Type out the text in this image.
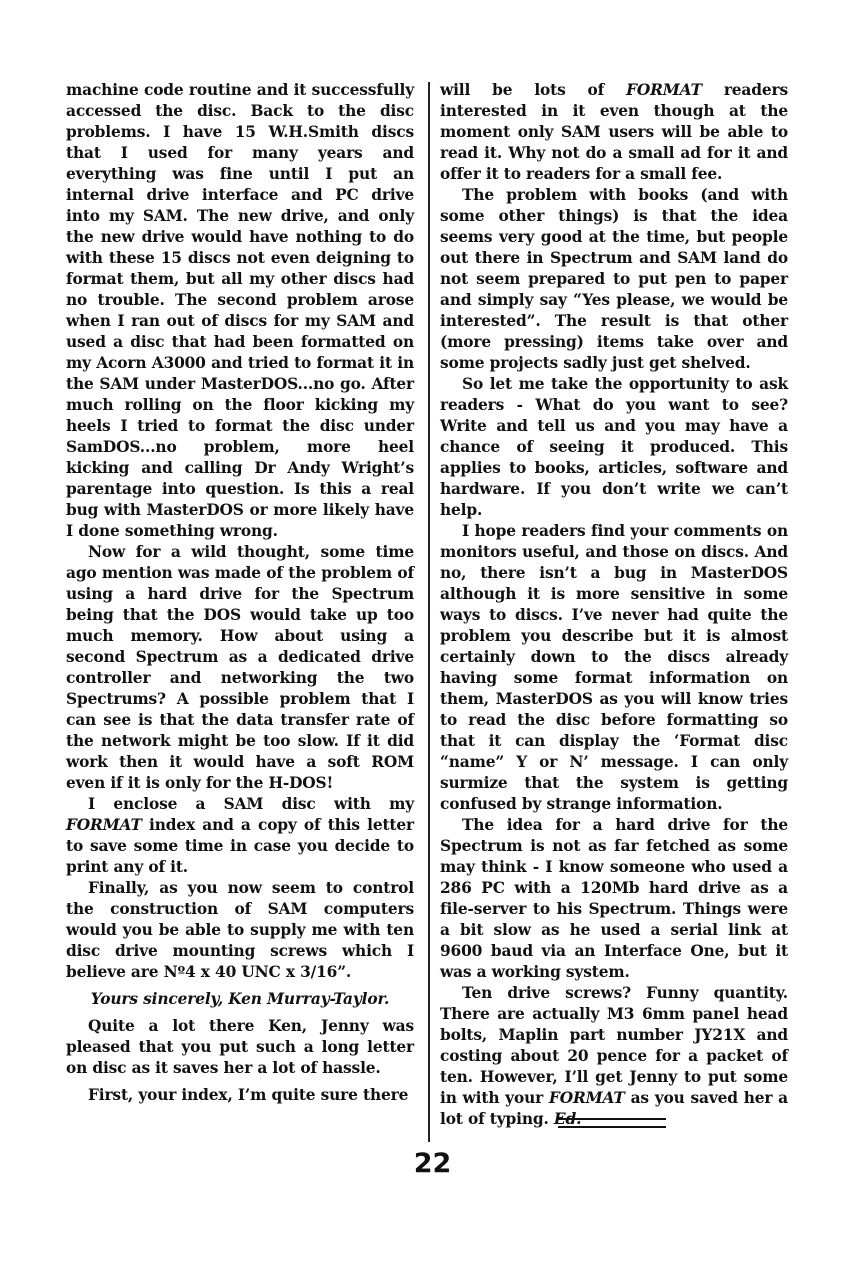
machine code routine and it successfully accessed the disc. Back to the disc problems. I have 15 W.H.Smith discs that I used for many years and everything was fine until I put an internal drive interface and PC drive into my SAM. The new drive, and only the new drive would have nothing to do with these 15 discs not even deigning to format them, but all my other discs had no trouble. The second problem arose when I ran out of discs for my SAM and used a disc that had been formatted on my Acorn A3000 and tried to format it in the SAM under MasterDOS...no go. After much rolling on the floor kicking my heels I tried to format the disc under SamDOS...no problem, more heel kicking and calling Dr Andy Wright’s parentage into question. Is this a real bug with MasterDOS or more likely have I done something wrong.

Now for a wild thought, some time ago mention was made of the problem of using a hard drive for the Spectrum being that the DOS would take up too much memory. How about using a second Spectrum as a dedicated drive controller and networking the two Spectrums? A possible problem that I can see is that the data transfer rate of the network might be too slow. If it did work then it would have a soft ROM even if it is only for the H-DOS!

I enclose a SAM disc with my FORMAT index and a copy of this letter to save some time in case you decide to print any of it.

Finally, as you now seem to control the construction of SAM computers would you be able to supply me with ten disc drive mounting screws which I believe are Nº4 x 40 UNC x 3/16”.

Yours sincerely, Ken Murray-Taylor.

Quite a lot there Ken, Jenny was pleased that you put such a long letter on disc as it saves her a lot of hassle.

First, your index, I’m quite sure there

will be lots of FORMAT readers interested in it even though at the moment only SAM users will be able to read it. Why not do a small ad for it and offer it to readers for a small fee.

The problem with books (and with some other things) is that the idea seems very good at the time, but people out there in Spectrum and SAM land do not seem prepared to put pen to paper and simply say “Yes please, we would be interested”. The result is that other (more pressing) items take over and some projects sadly just get shelved.

So let me take the opportunity to ask readers - What do you want to see? Write and tell us and you may have a chance of seeing it produced. This applies to books, articles, software and hardware. If you don’t write we can’t help.

I hope readers find your comments on monitors useful, and those on discs. And no, there isn’t a bug in MasterDOS although it is more sensitive in some ways to discs. I’ve never had quite the problem you describe but it is almost certainly down to the discs already having some format information on them, MasterDOS as you will know tries to read the disc before formatting so that it can display the ‘Format disc “name” Y or N’ message. I can only surmize that the system is getting confused by strange information.

The idea for a hard drive for the Spectrum is not as far fetched as some may think - I know someone who used a 286 PC with a 120Mb hard drive as a file-server to his Spectrum. Things were a bit slow as he used a serial link at 9600 baud via an Interface One, but it was a working system.

Ten drive screws? Funny quantity. There are actually M3 6mm panel head bolts, Maplin part number JY21X and costing about 20 pence for a packet of ten. However, I’ll get Jenny to put some in with your FORMAT as you saved her a lot of typing. Ed.

22
